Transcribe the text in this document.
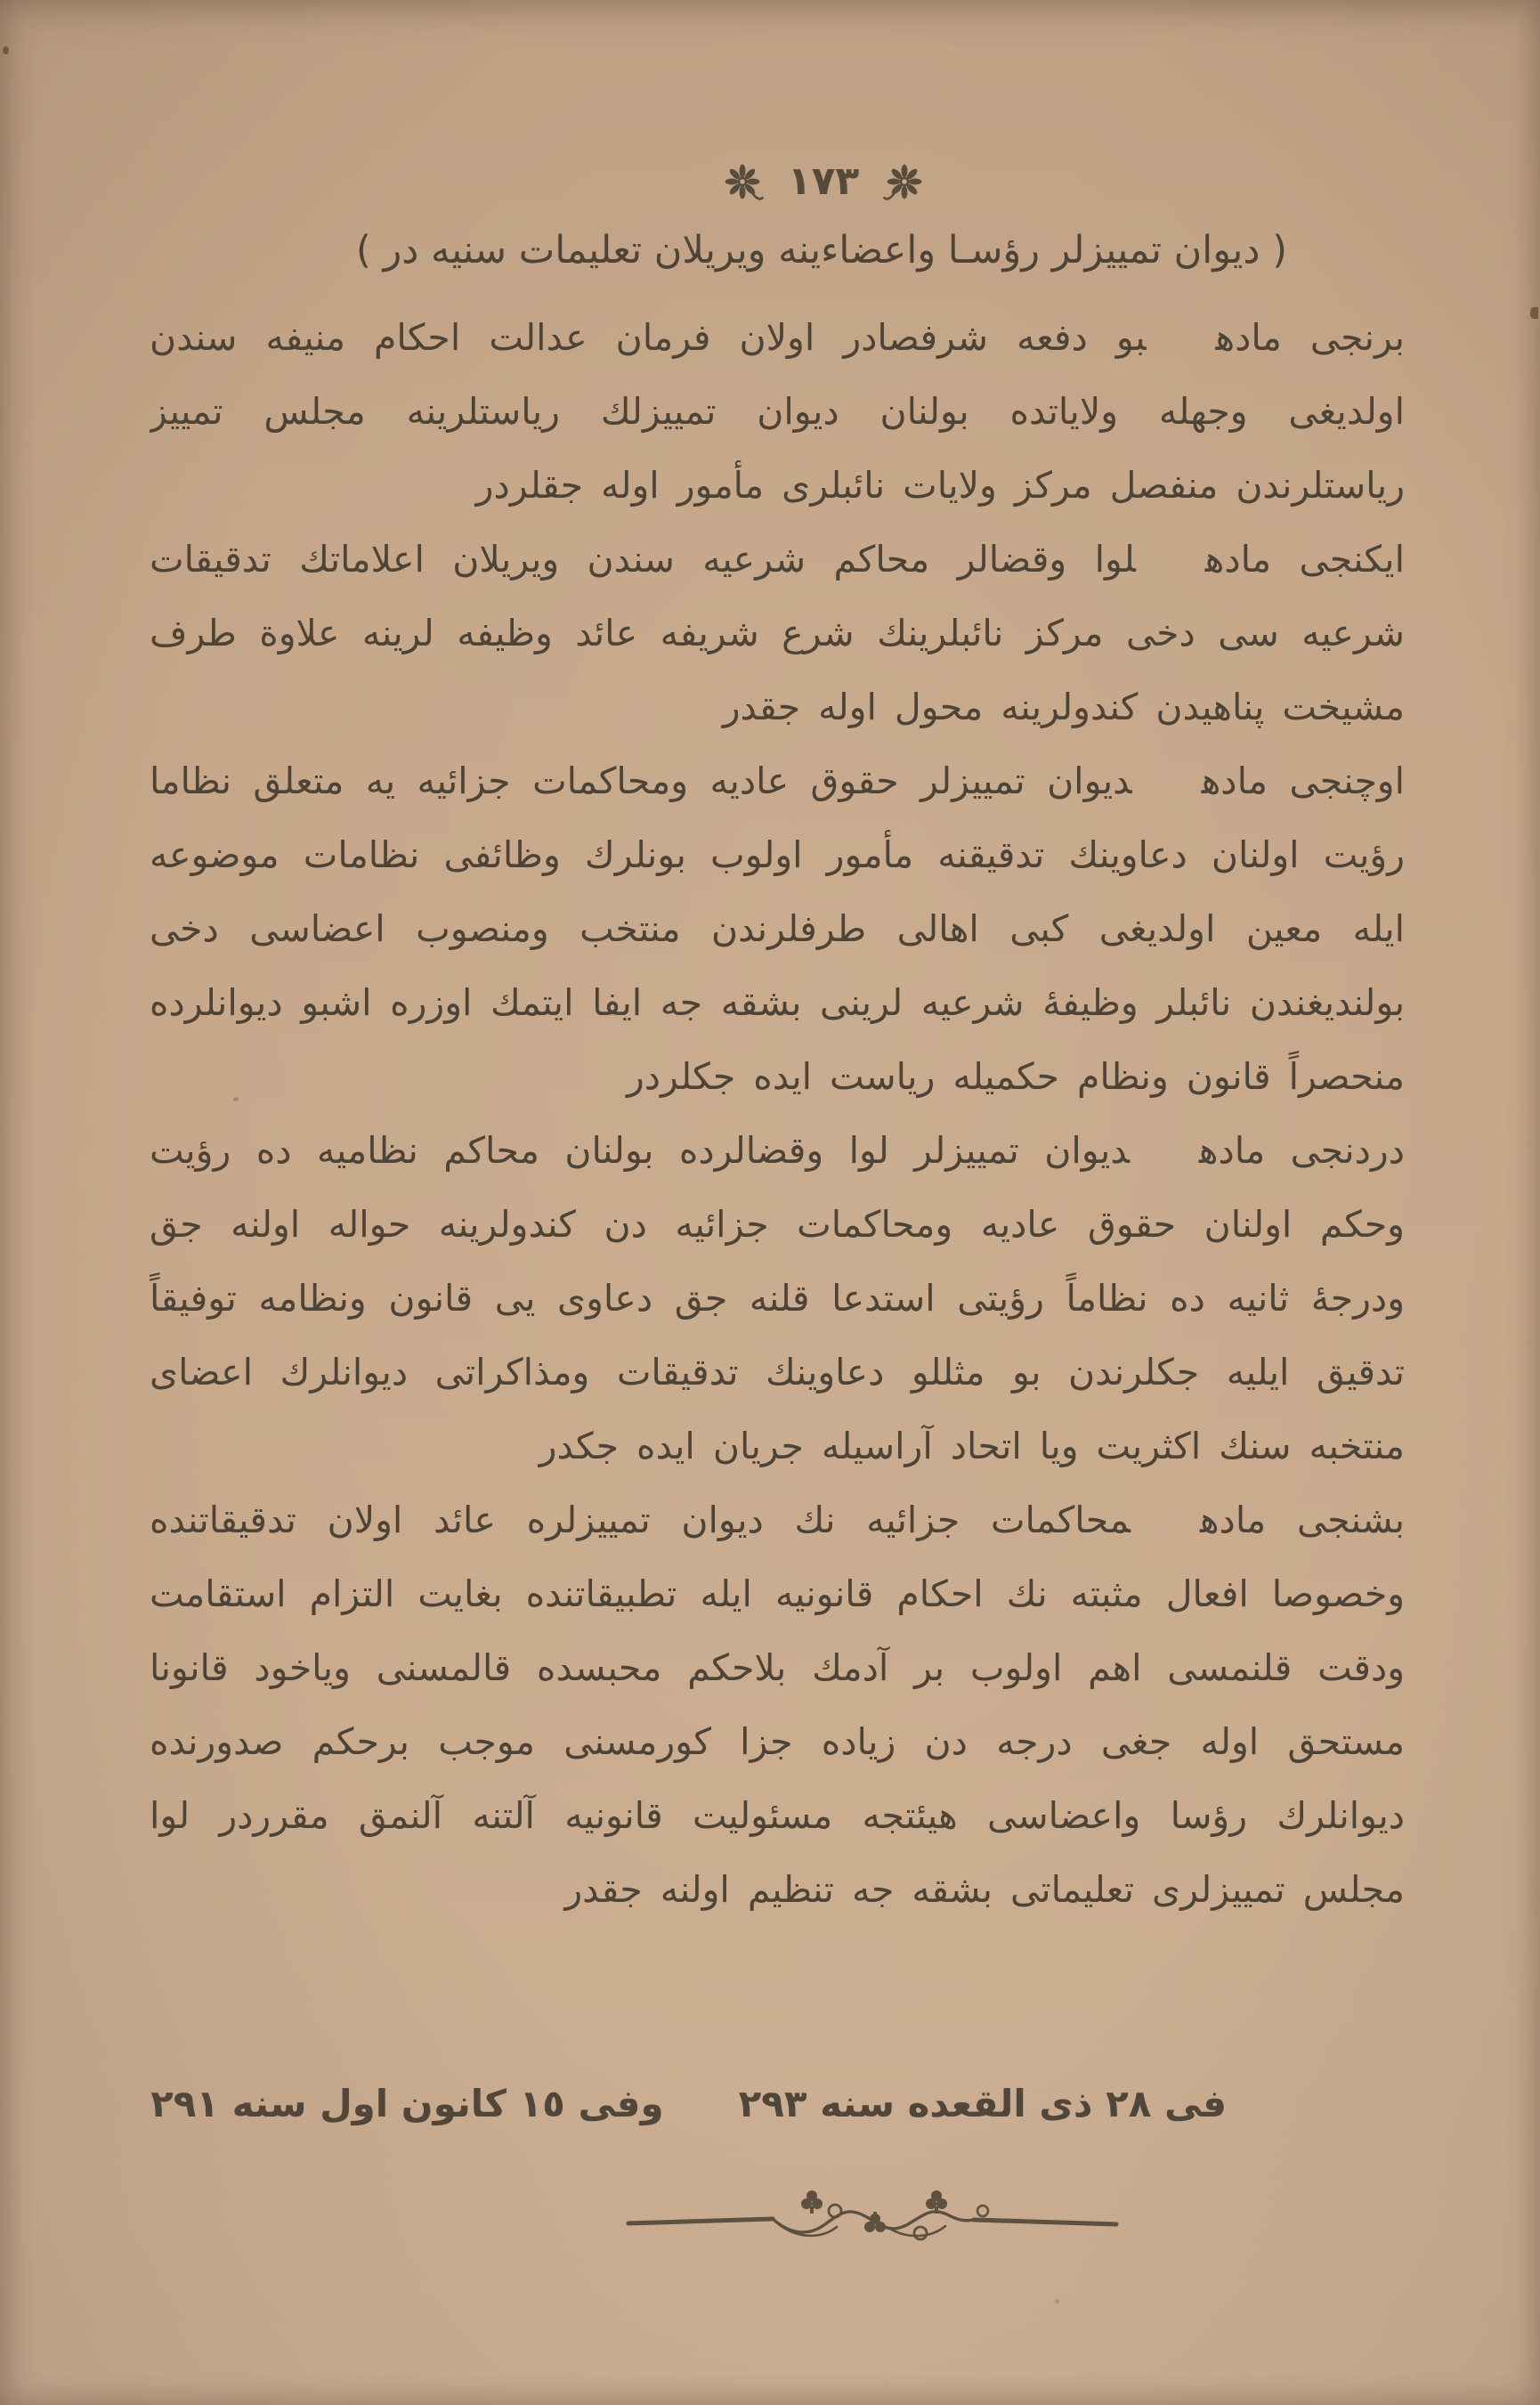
١٧٣
( دیوان تمییزلر رؤسـا واعضاءینه ویریلان تعلیمات سنیه در )

برنجی مادهبو دفعه شرفصادر اولان فرمان عدالت احکام منیفه سندن اولدیغی وجهله ولایاتده بولنان دیوان تمییزلك ریاستلرینه مجلس تمییز ریاستلرندن منفصل مرکز ولایات نائبلری مأمور اوله جقلردر

ایکنجی مادهلوا وقضالر محاکم شرعیه سندن ویریلان اعلاماتك تدقیقات شرعیه سی دخی مرکز نائبلرینك شرع شریفه عائد وظیفه لرینه علاوة طرف مشیخت پناهیدن کندولرینه محول اوله جقدر

اوچنجی مادهدیوان تمییزلر حقوق عادیه ومحاکمات جزائیه یه متعلق نظاما رؤیت اولنان دعاوینك تدقیقنه مأمور اولوب بونلرك وظائفی نظامات موضوعه ایله معین اولدیغی کبی اهالی طرفلرندن منتخب ومنصوب اعضاسی دخی بولندیغندن نائبلر وظیفهٔ شرعیه لرینی بشقه جه ایفا ایتمك اوزره اشبو دیوانلرده منحصراً قانون ونظام حکمیله ریاست ایده جکلردر

دردنجی مادهدیوان تمییزلر لوا وقضالرده بولنان محاکم نظامیه ده رؤیت وحکم اولنان حقوق عادیه ومحاکمات جزائیه دن کندولرینه حواله اولنه جق ودرجهٔ ثانیه ده نظاماً رؤیتی استدعا قلنه جق دعاوی یی قانون ونظامه توفیقاً تدقیق ایلیه جکلرندن بو مثللو دعاوینك تدقیقات ومذاکراتی دیوانلرك اعضای منتخبه سنك اکثریت ویا اتحاد آراسیله جریان ایده جکدر

بشنجی مادهمحاکمات جزائیه نك دیوان تمییزلره عائد اولان تدقیقاتنده وخصوصا افعال مثبته نك احکام قانونیه ایله تطبیقاتنده بغایت التزام استقامت ودقت قلنمسی اهم اولوب بر آدمك بلاحکم محبسده قالمسنی ویاخود قانونا مستحق اوله جغی درجه دن زیاده جزا کورمسنی موجب برحکم صدورنده دیوانلرك رؤسا واعضاسی هیئتجه مسئولیت قانونیه آلتنه آلنمق مقرردر لوا مجلس تمییزلری تعلیماتی بشقه جه تنظیم اولنه جقدر

فی ٢٨ ذی القعده سنه ٢٩٣
وفی ١٥ کانون اول سنه ٢٩١
